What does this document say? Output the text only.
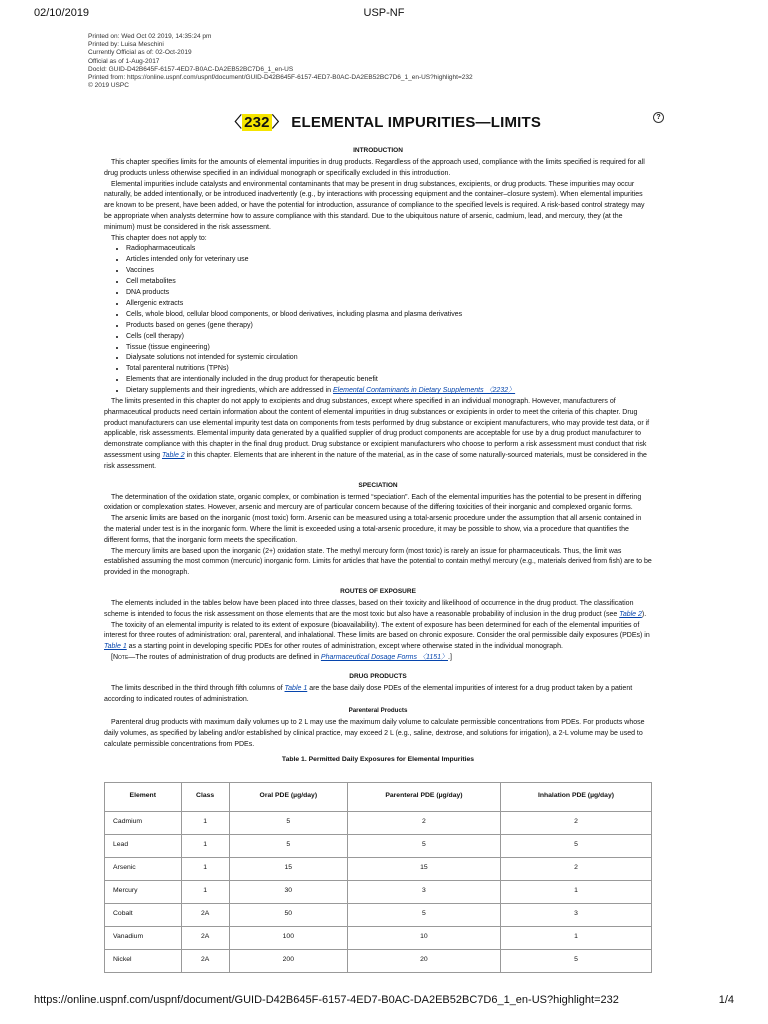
02/10/2019	USP-NF
Printed on: Wed Oct 02 2019, 14:35:24 pm
Printed by: Luisa Meschini
Currently Official as of: 02-Oct-2019
Official as of 1-Aug-2017
DocId: GUID-D42B645F-6157-4ED7-B0AC-DA2EB52BC7D6_1_en-US
Printed from: https://online.uspnf.com/uspnf/document/GUID-D42B645F-6157-4ED7-B0AC-DA2EB52BC7D6_1_en-US?highlight=232
© 2019 USPC
〈 232 〉 ELEMENTAL IMPURITIES—LIMITS	?
INTRODUCTION

This chapter specifies limits for the amounts of elemental impurities in drug products. Regardless of the approach used, compliance with the limits specified is required for all drug products unless otherwise specified in an individual monograph or specifically excluded in this introduction.

Elemental impurities include catalysts and environmental contaminants that may be present in drug substances, excipients, or drug products. These impurities may occur naturally, be added intentionally, or be introduced inadvertently (e.g., by interactions with processing equipment and the container–closure system). When elemental impurities are known to be present, have been added, or have the potential for introduction, assurance of compliance to the specified levels is required. A risk-based control strategy may be appropriate when analysts determine how to assure compliance with this standard. Due to the ubiquitous nature of arsenic, cadmium, lead, and mercury, they (at the minimum) must be considered in the risk assessment.

This chapter does not apply to:

• Radiopharmaceuticals
• Articles intended only for veterinary use
• Vaccines
• Cell metabolites
• DNA products
• Allergenic extracts
• Cells, whole blood, cellular blood components, or blood derivatives, including plasma and plasma derivatives
• Products based on genes (gene therapy)
• Cells (cell therapy)
• Tissue (tissue engineering)
• Dialysate solutions not intended for systemic circulation
• Total parenteral nutritions (TPNs)
• Elements that are intentionally included in the drug product for therapeutic benefit
• Dietary supplements and their ingredients, which are addressed in Elemental Contaminants in Dietary Supplements 〈2232〉

The limits presented in this chapter do not apply to excipients and drug substances, except where specified in an individual monograph. However, manufacturers of pharmaceutical products need certain information about the content of elemental impurities in drug substances or excipients in order to meet the criteria of this chapter. Drug product manufacturers can use elemental impurity test data on components from tests performed by drug substance or excipient manufacturers, who may provide test data, or if applicable, risk assessments. Elemental impurity data generated by a qualified supplier of drug product components are acceptable for use by a drug product manufacturer to demonstrate compliance with this chapter in the final drug product. Drug substance or excipient manufacturers who choose to perform a risk assessment must conduct that risk assessment using Table 2 in this chapter. Elements that are inherent in the nature of the material, as in the case of some naturally-sourced materials, must be considered in the risk assessment.

SPECIATION

The determination of the oxidation state, organic complex, or combination is termed “speciation”. Each of the elemental impurities has the potential to be present in differing oxidation or complexation states. However, arsenic and mercury are of particular concern because of the differing toxicities of their inorganic and complexed organic forms.

The arsenic limits are based on the inorganic (most toxic) form. Arsenic can be measured using a total-arsenic procedure under the assumption that all arsenic contained in the material under test is in the inorganic form. Where the limit is exceeded using a total-arsenic procedure, it may be possible to show, via a procedure that quantifies the different forms, that the inorganic form meets the specification.

The mercury limits are based upon the inorganic (2+) oxidation state. The methyl mercury form (most toxic) is rarely an issue for pharmaceuticals. Thus, the limit was established assuming the most common (mercuric) inorganic form. Limits for articles that have the potential to contain methyl mercury (e.g., materials derived from fish) are to be provided in the monograph.

ROUTES OF EXPOSURE

The elements included in the tables below have been placed into three classes, based on their toxicity and likelihood of occurrence in the drug product. The classification scheme is intended to focus the risk assessment on those elements that are the most toxic but also have a reasonable probability of inclusion in the drug product (see Table 2).

The toxicity of an elemental impurity is related to its extent of exposure (bioavailability). The extent of exposure has been determined for each of the elemental impurities of interest for three routes of administration: oral, parenteral, and inhalational. These limits are based on chronic exposure. Consider the oral permissible daily exposures (PDEs) in Table 1 as a starting point in developing specific PDEs for other routes of administration, except where otherwise stated in the individual monograph.

[Note—The routes of administration of drug products are defined in Pharmaceutical Dosage Forms 〈1151〉.]

DRUG PRODUCTS

The limits described in the third through fifth columns of Table 1 are the base daily dose PDEs of the elemental impurities of interest for a drug product taken by a patient according to indicated routes of administration.

Parenteral Products

Parenteral drug products with maximum daily volumes up to 2 L may use the maximum daily volume to calculate permissible concentrations from PDEs. For products whose daily volumes, as specified by labeling and/or established by clinical practice, may exceed 2 L (e.g., saline, dextrose, and solutions for irrigation), a 2-L volume may be used to calculate permissible concentrations from PDEs.

Table 1. Permitted Daily Exposures for Elemental Impurities
Element	Class	Oral PDE (µg/day)	Parenteral PDE (µg/day)	Inhalation PDE (µg/day)
Cadmium	1	5	2	2
Lead	1	5	5	5
Arsenic	1	15	15	2
Mercury	1	30	3	1
Cobalt	2A	50	5	3
Vanadium	2A	100	10	1
Nickel	2A	200	20	5
https://online.uspnf.com/uspnf/document/GUID-D42B645F-6157-4ED7-B0AC-DA2EB52BC7D6_1_en-US?highlight=232	1/4
